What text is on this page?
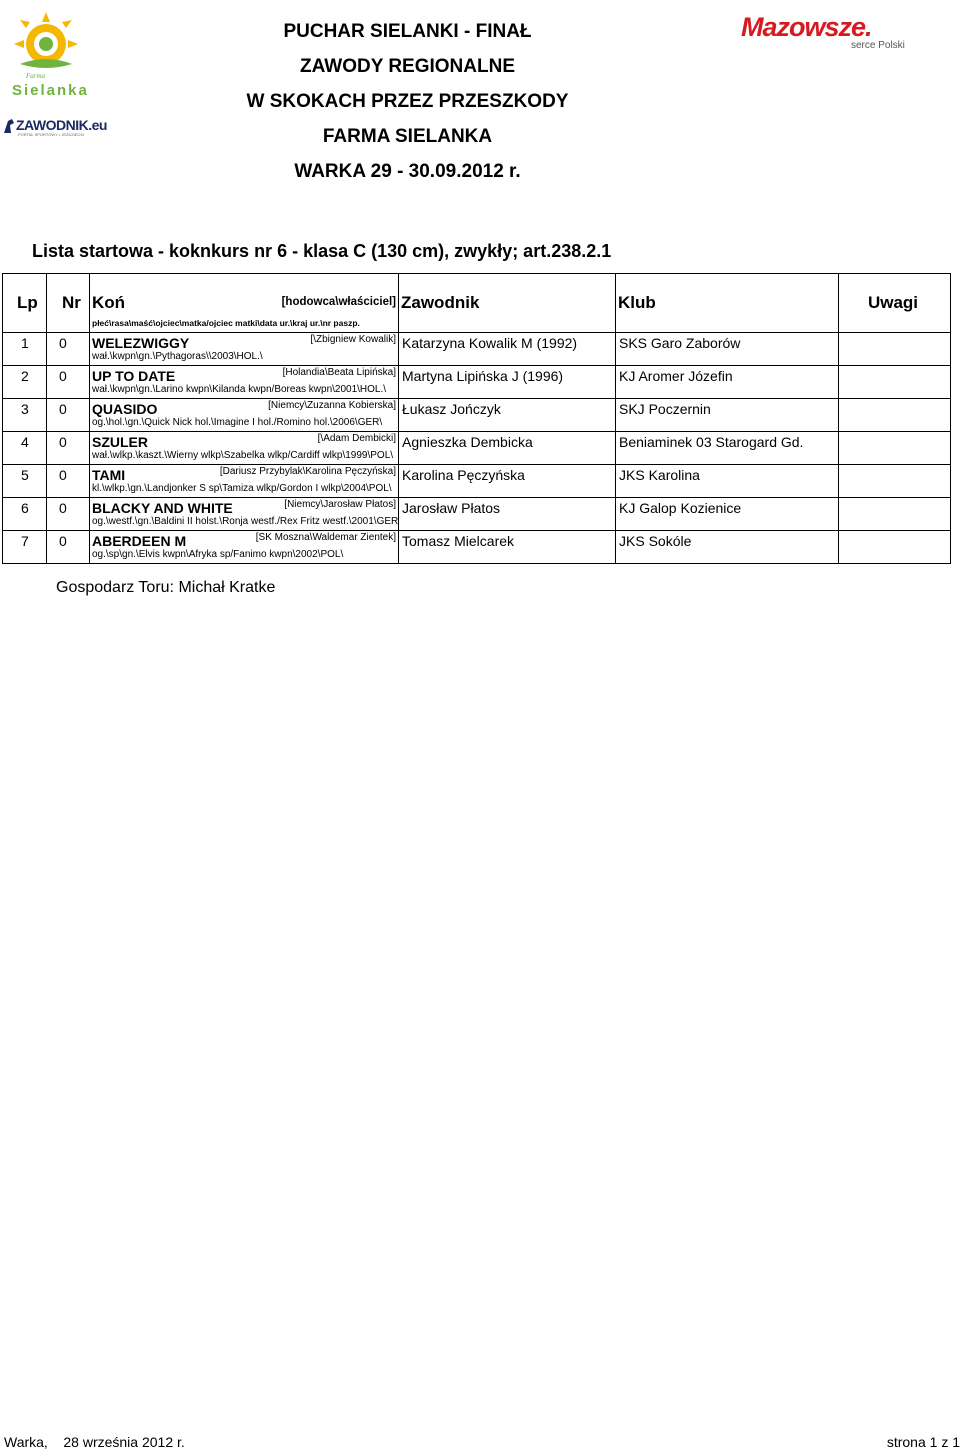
Farma
Sielanka
ZAWODNIK.eu
PORTAL SPORTOWY • JEŹDZIECKI
Mazowsze.
serce Polski
PUCHAR SIELANKI - FINAŁ
ZAWODY REGIONALNE
W SKOKACH PRZEZ PRZESZKODY
FARMA SIELANKA
WARKA 29 - 30.09.2012 r.
Lista startowa - koknkurs nr 6 - klasa C (130 cm), zwykły; art.238.2.1
Lp	Nr	Koń [hodowca\właściciel]
płeć\rasa\maść\ojciec\matka/ojciec matki\data ur.\kraj ur.\nr paszp.	Zawodnik	Klub	Uwagi

1	0	WELEZWIGGY [\Zbigniew Kowalik]
wał.\kwpn\gn.\Pythagoras\\2003\HOL.\	Katarzyna Kowalik M (1992)	SKS Garo Zaborów	

2	0	UP TO DATE [Holandia\Beata Lipińska]
wał.\kwpn\gn.\Larino kwpn\Kilanda kwpn/Boreas kwpn\2001\HOL.\	Martyna Lipińska J (1996)	KJ Aromer Józefin	

3	0	QUASIDO [Niemcy\Zuzanna Kobierska]
og.\hol.\gn.\Quick Nick hol.\Imagine I hol./Romino hol.\2006\GER\	Łukasz Jończyk	SKJ Poczernin	

4	0	SZULER [\Adam Dembicki]
wał.\wlkp.\kaszt.\Wierny wlkp\Szabelka wlkp/Cardiff wlkp\1999\POL\	Agnieszka Dembicka	Beniaminek 03 Starogard Gd.	

5	0	TAMI [Dariusz Przybylak\Karolina Pęczyńska]
kl.\wlkp.\gn.\Landjonker S sp\Tamiza wlkp/Gordon I wlkp\2004\POL\	Karolina Pęczyńska	JKS Karolina	

6	0	BLACKY AND WHITE [Niemcy\Jarosław Płatos]
og.\westf.\gn.\Baldini II holst.\Ronja westf./Rex Fritz westf.\2001\GER	Jarosław Płatos	KJ Galop Kozienice	

7	0	ABERDEEN M [SK Moszna\Waldemar Zientek]
og.\sp\gn.\Elvis kwpn\Afryka sp/Fanimo kwpn\2002\POL\	Tomasz Mielcarek	JKS Sokóle	

Gospodarz Toru: Michał Kratke
Warka,    28 września 2012 r.	strona 1 z 1
